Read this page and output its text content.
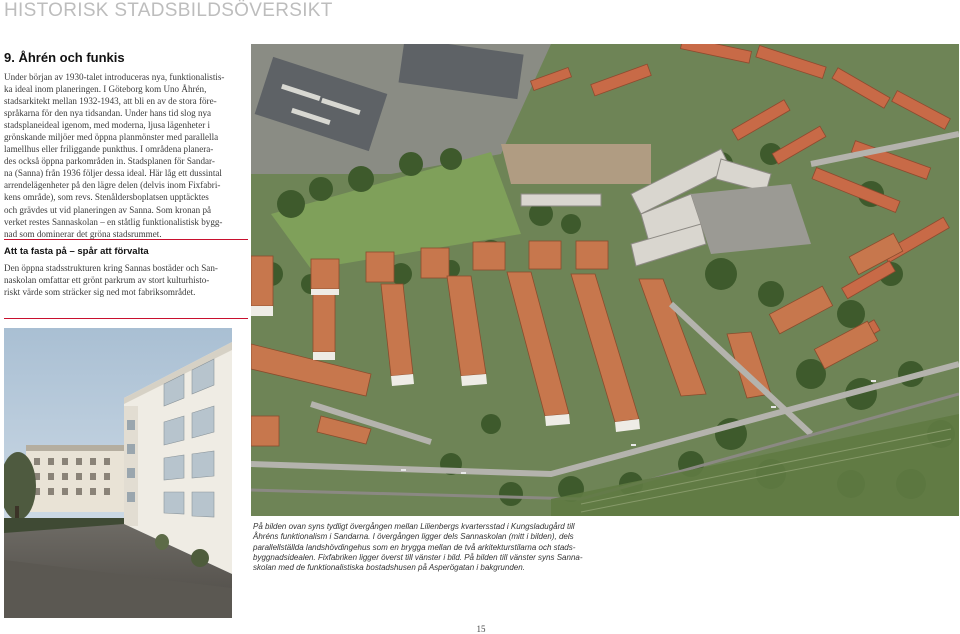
HISTORISK STADSBILDSÖVERSIKT
9. Åhrén och funkis
Under början av 1930-talet introduceras nya, funktionalistis-
ka ideal inom planeringen. I Göteborg kom Uno Åhrén,
stadsarkitekt mellan 1932-1943, att bli en av de stora före-
språkarna för den nya tidsandan. Under hans tid slog nya
stadsplaneideal igenom, med moderna, ljusa lägenheter i
grönskande miljöer med öppna planmönster med parallella
lamellhus eller friliggande punkthus. I områdena planera-
des också öppna parkområden in. Stadsplanen för Sandar-
na (Sanna) från 1936 följer dessa ideal. Här låg ett dussintal
arrendelägenheter på den lägre delen (delvis inom Fixfabri-
kens område), som revs. Stenåldersboplatsen upptäcktes
och grävdes ut vid planeringen av Sanna. Som kronan på
verket restes Sannaskolan – en ståtlig funktionalistisk bygg-
nad som dominerar det gröna stadsrummet.
Att ta fasta på – spår att förvalta
Den öppna stadsstrukturen kring Sannas bostäder och San-
naskolan omfattar ett grönt parkrum av stort kulturhisto-
riskt värde som sträcker sig ned mot fabriksområdet.
På bilden ovan syns tydligt övergången mellan Lilienbergs kvartersstad i Kungsladugård till
Åhréns funktionalism i Sandarna. I övergången ligger dels Sannaskolan (mitt i bilden), dels
parallellställda landshövdingehus som en brygga mellan de två arkitekturstilarna och stads-
byggnadsidealen. Fixfabriken ligger överst till vänster i bild. På bilden till vänster syns Sanna-
skolan med de funktionalistiska bostadshusen på Asperögatan i bakgrunden.
15
